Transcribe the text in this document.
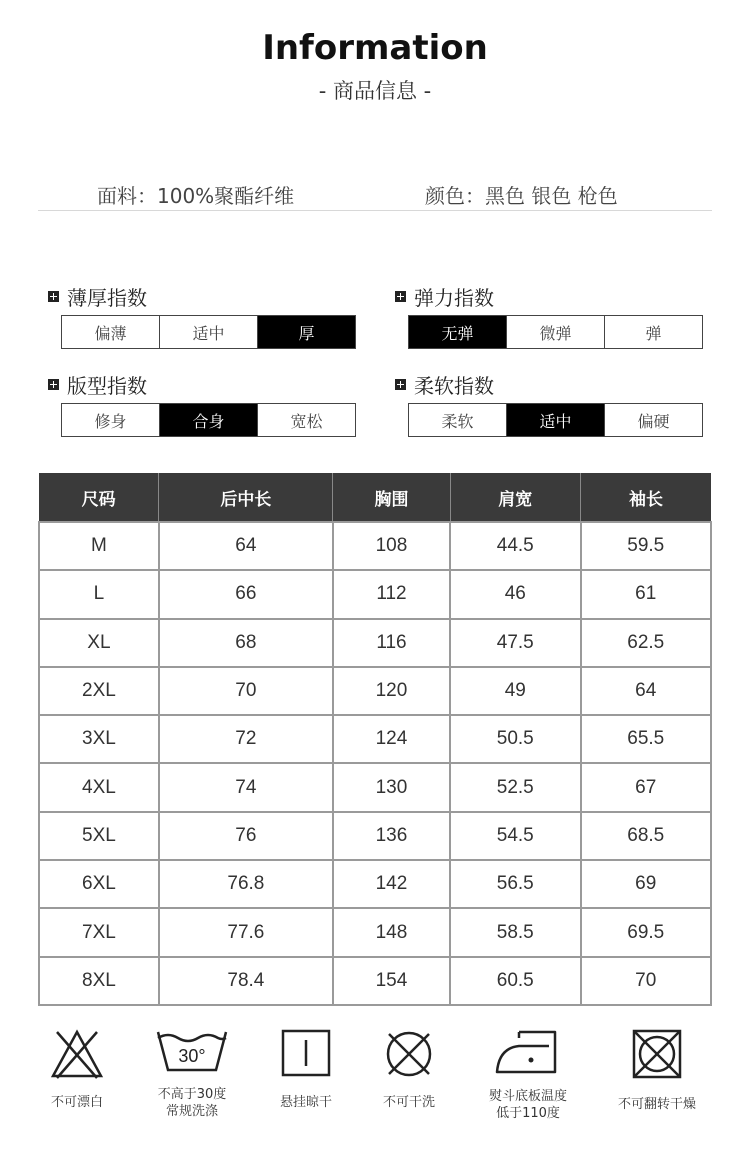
Information
- 商品信息 -
面料：100%聚酯纤维	颜色：黑色 银色 枪色
薄厚指数
偏薄	适中	厚
弹力指数
无弹	微弹	弹
版型指数
修身	合身	宽松
柔软指数
柔软	适中	偏硬
尺码	后中长	胸围	肩宽	袖长
M	64	108	44.5	59.5
L	66	112	46	61
XL	68	116	47.5	62.5
2XL	70	120	49	64
3XL	72	124	50.5	65.5
4XL	74	130	52.5	67
5XL	76	136	54.5	68.5
6XL	76.8	142	56.5	69
7XL	77.6	148	58.5	69.5
8XL	78.4	154	60.5	70
不可漂白
30°
不高于30度
常规洗涤
悬挂晾干	不可干洗	熨斗底板温度
低于110度
不可翻转干燥
